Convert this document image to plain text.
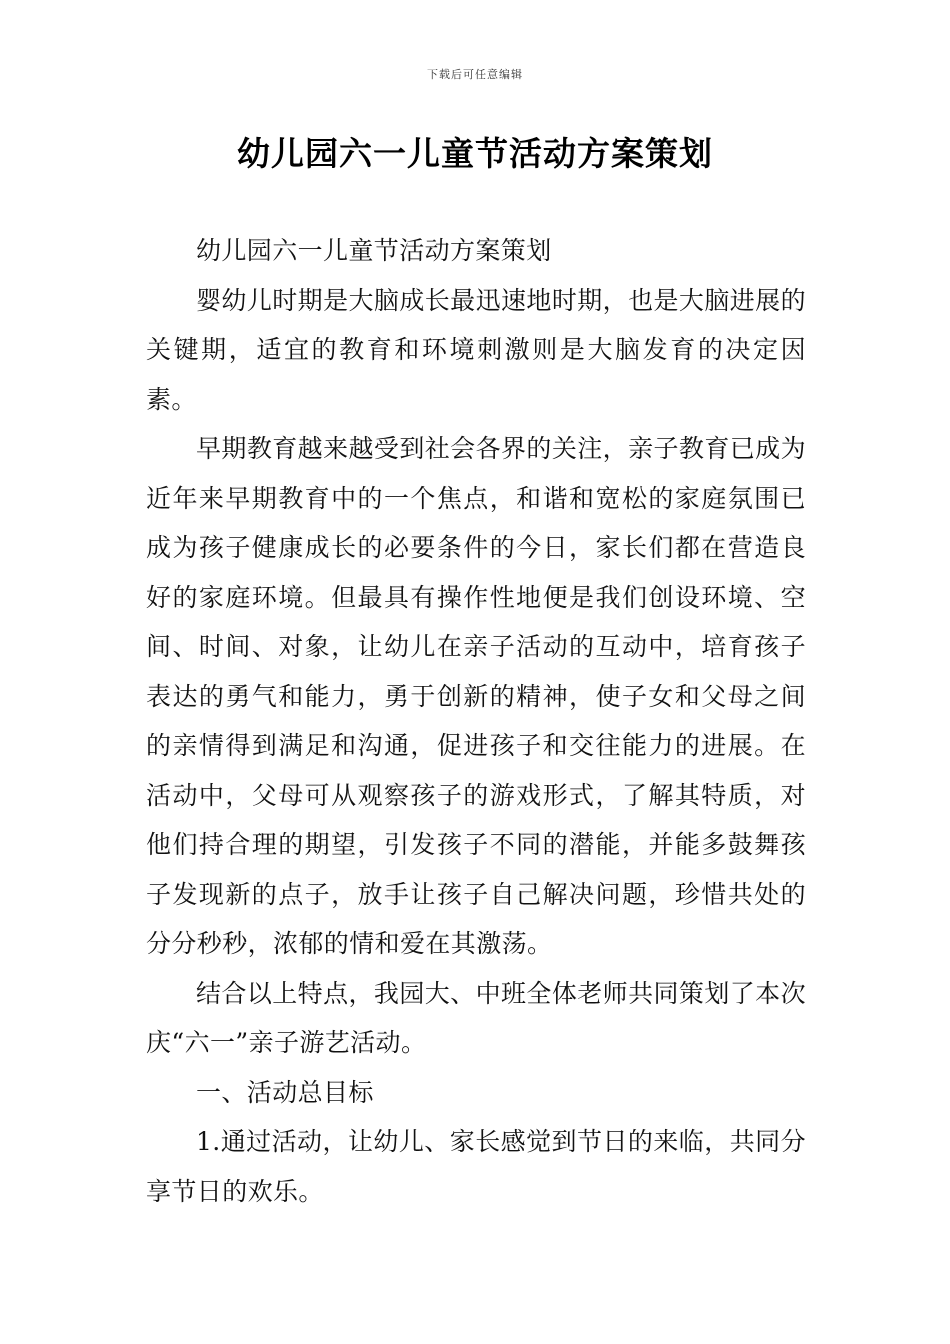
下载后可任意编辑
幼儿园六一儿童节活动方案策划

幼儿园六一儿童节活动方案策划

婴幼儿时期是大脑成长最迅速地时期，也是大脑进展的关键期，适宜的教育和环境刺激则是大脑发育的决定因素。

早期教育越来越受到社会各界的关注，亲子教育已成为近年来早期教育中的一个焦点，和谐和宽松的家庭氛围已成为孩子健康成长的必要条件的今日，家长们都在营造良好的家庭环境。但最具有操作性地便是我们创设环境、空间、时间、对象，让幼儿在亲子活动的互动中，培育孩子表达的勇气和能力，勇于创新的精神，使子女和父母之间的亲情得到满足和沟通，促进孩子和交往能力的进展。在活动中，父母可从观察孩子的游戏形式，了解其特质，对他们持合理的期望，引发孩子不同的潜能，并能多鼓舞孩子发现新的点子，放手让孩子自己解决问题，珍惜共处的分分秒秒，浓郁的情和爱在其激荡。

结合以上特点，我园大、中班全体老师共同策划了本次庆“六一”亲子游艺活动。

一、活动总目标

1.通过活动，让幼儿、家长感觉到节日的来临，共同分享节日的欢乐。
